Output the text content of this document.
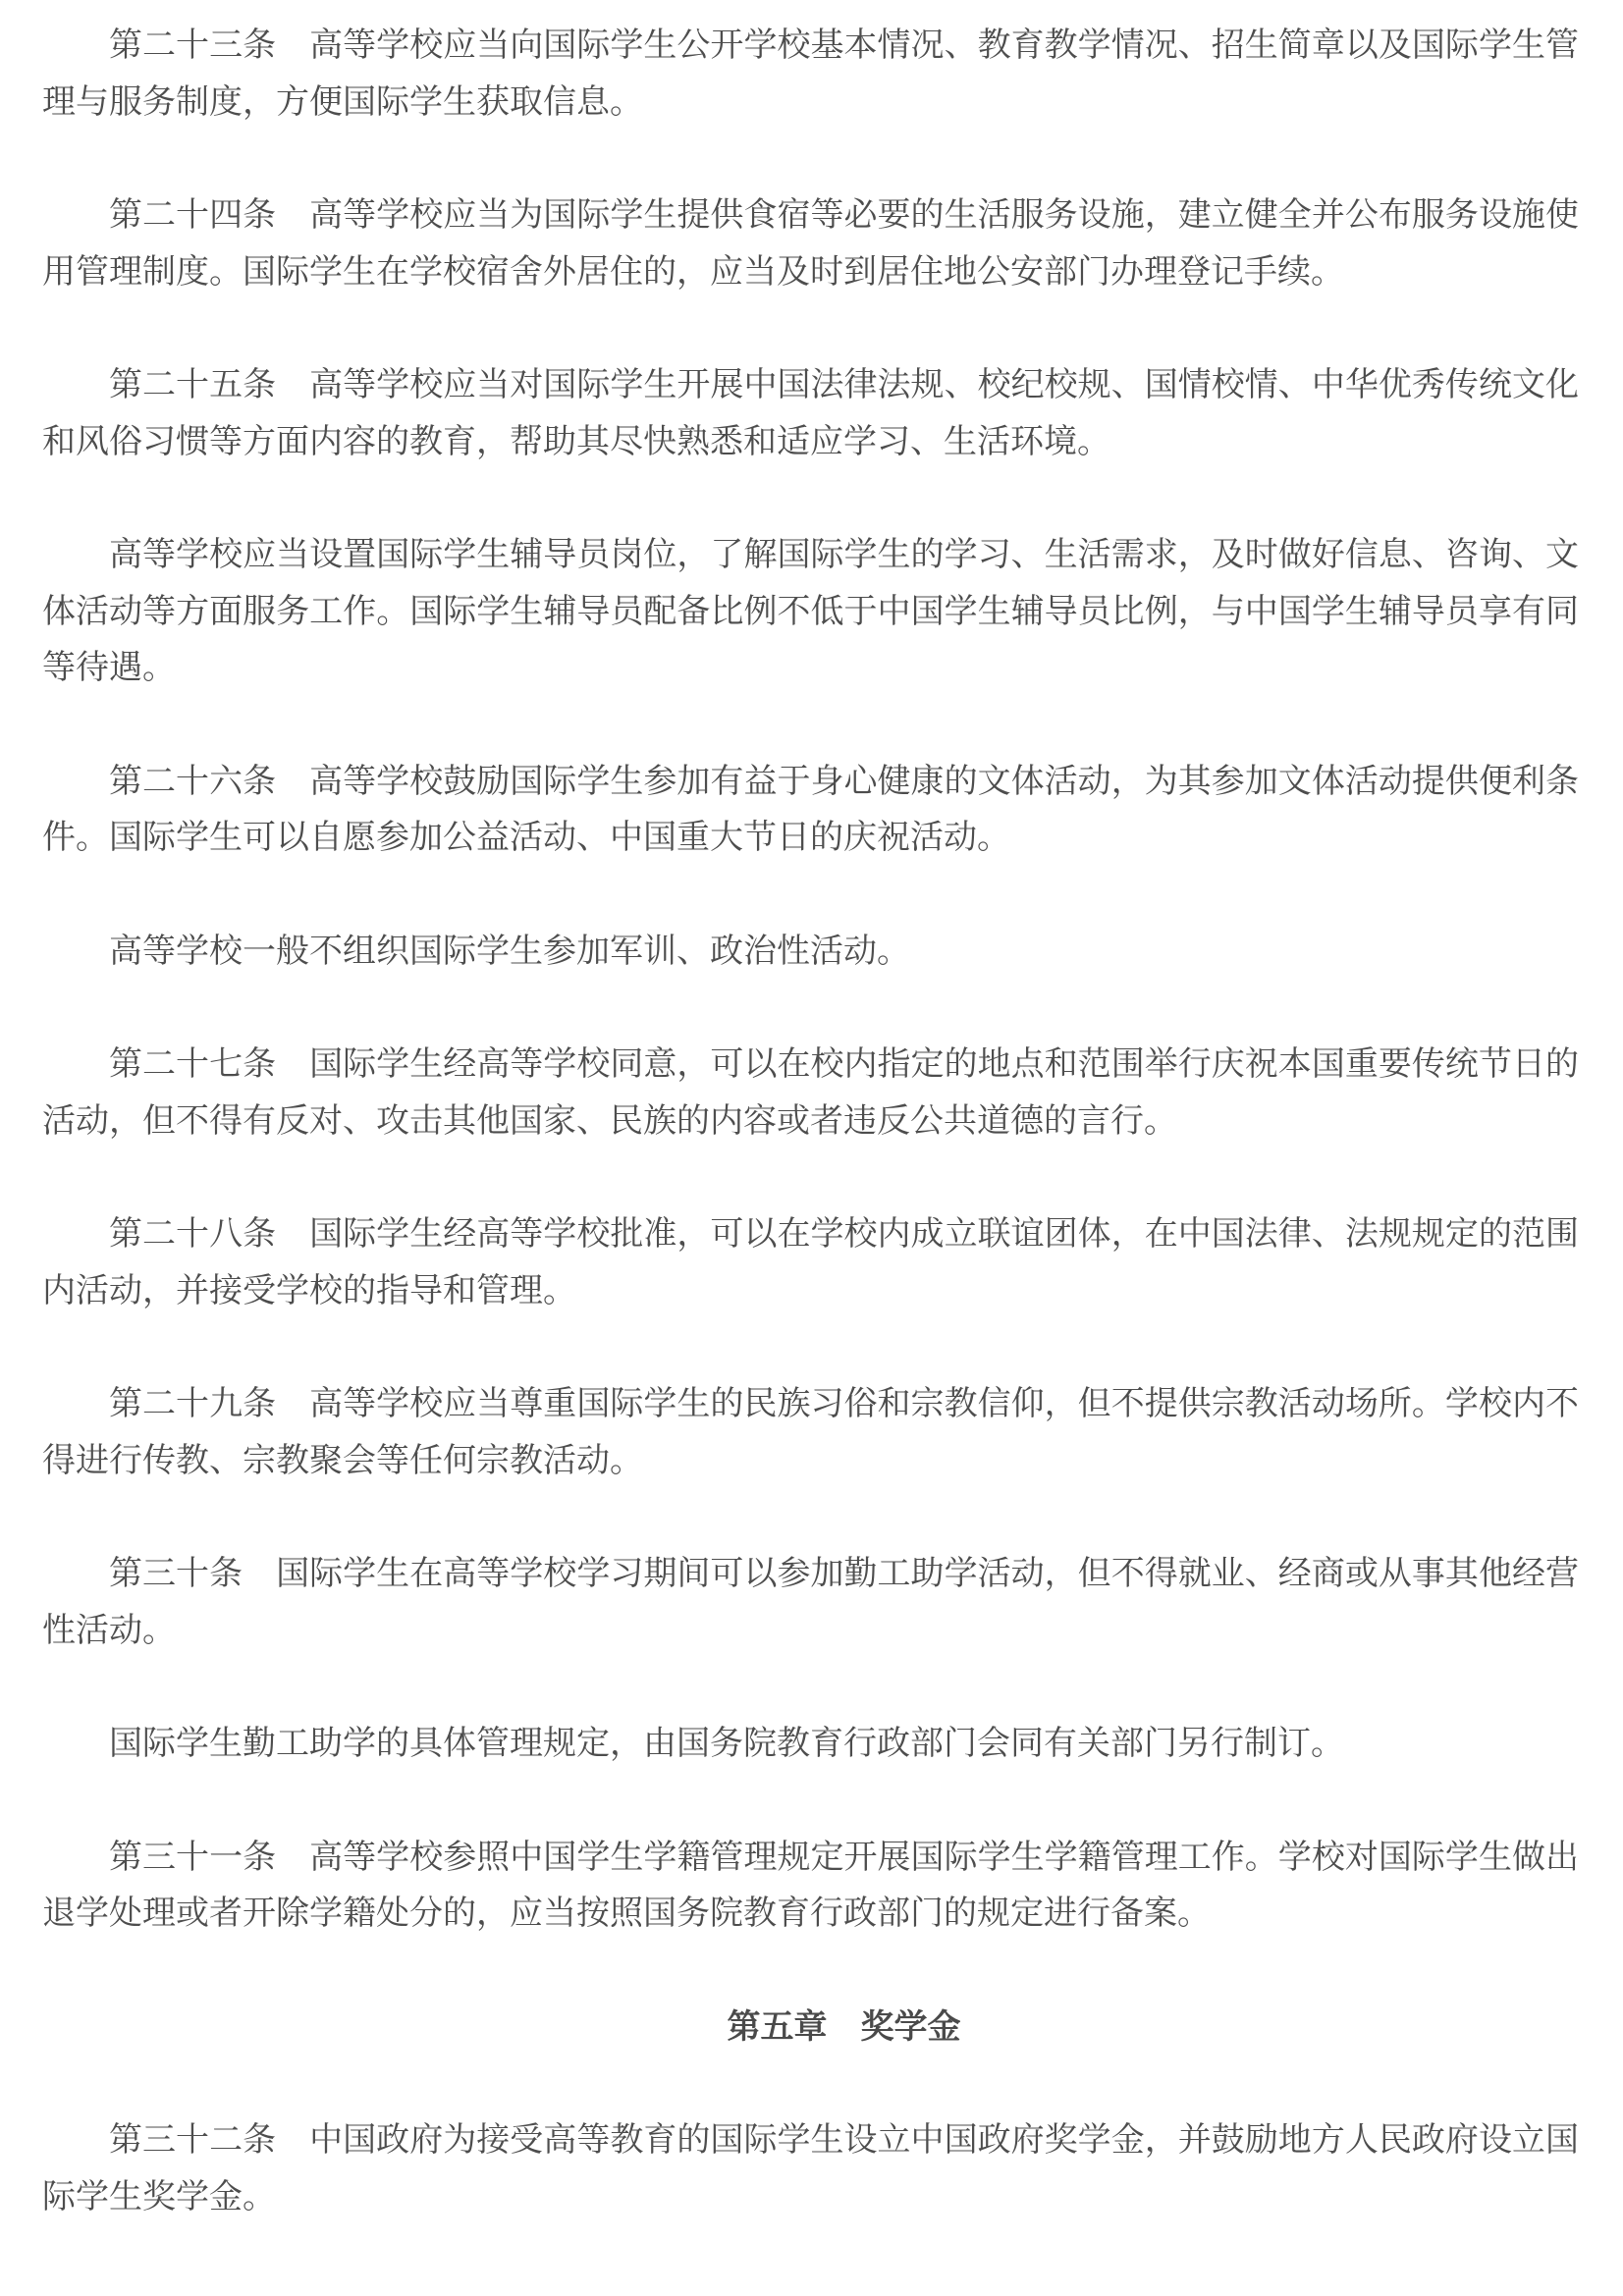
第二十三条　高等学校应当向国际学生公开学校基本情况、教育教学情况、招生简章以及国际学生管理与服务制度，方便国际学生获取信息。

第二十四条　高等学校应当为国际学生提供食宿等必要的生活服务设施，建立健全并公布服务设施使用管理制度。国际学生在学校宿舍外居住的，应当及时到居住地公安部门办理登记手续。

第二十五条　高等学校应当对国际学生开展中国法律法规、校纪校规、国情校情、中华优秀传统文化和风俗习惯等方面内容的教育，帮助其尽快熟悉和适应学习、生活环境。

高等学校应当设置国际学生辅导员岗位，了解国际学生的学习、生活需求，及时做好信息、咨询、文体活动等方面服务工作。国际学生辅导员配备比例不低于中国学生辅导员比例，与中国学生辅导员享有同等待遇。

第二十六条　高等学校鼓励国际学生参加有益于身心健康的文体活动，为其参加文体活动提供便利条件。国际学生可以自愿参加公益活动、中国重大节日的庆祝活动。

高等学校一般不组织国际学生参加军训、政治性活动。

第二十七条　国际学生经高等学校同意，可以在校内指定的地点和范围举行庆祝本国重要传统节日的活动，但不得有反对、攻击其他国家、民族的内容或者违反公共道德的言行。

第二十八条　国际学生经高等学校批准，可以在学校内成立联谊团体，在中国法律、法规规定的范围内活动，并接受学校的指导和管理。

第二十九条　高等学校应当尊重国际学生的民族习俗和宗教信仰，但不提供宗教活动场所。学校内不得进行传教、宗教聚会等任何宗教活动。

第三十条　国际学生在高等学校学习期间可以参加勤工助学活动，但不得就业、经商或从事其他经营性活动。

国际学生勤工助学的具体管理规定，由国务院教育行政部门会同有关部门另行制订。

第三十一条　高等学校参照中国学生学籍管理规定开展国际学生学籍管理工作。学校对国际学生做出退学处理或者开除学籍处分的，应当按照国务院教育行政部门的规定进行备案。

第五章　奖学金

第三十二条　中国政府为接受高等教育的国际学生设立中国政府奖学金，并鼓励地方人民政府设立国际学生奖学金。
